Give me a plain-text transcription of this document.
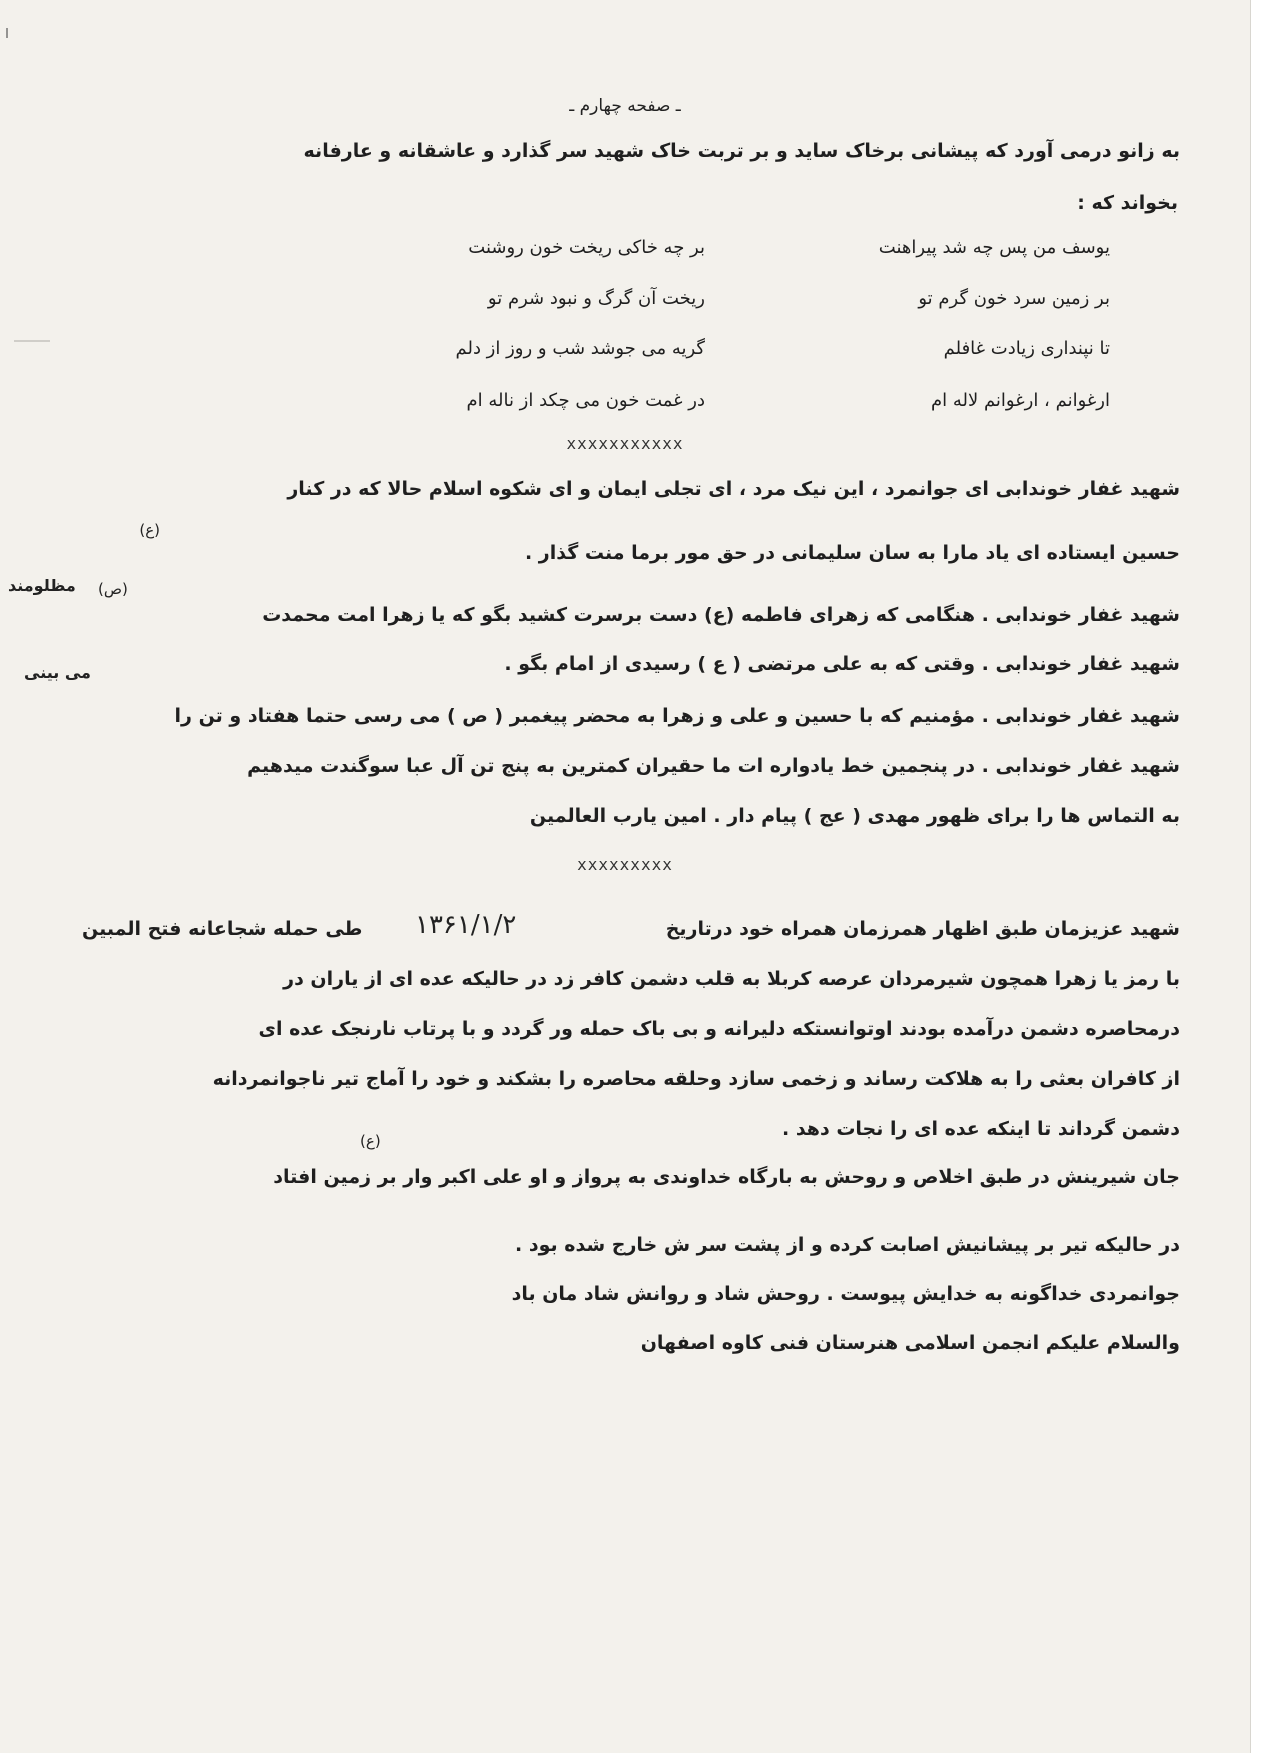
ـ صفحه چهارم ـ
به زانو درمی آورد که پیشانی برخاک ساید و بر تربت خاک شهید سر گذارد و عاشقانه و عارفانه
بخواند که :
یوسف من پس چه شد پیراهنت
بر چه خاکی ریخت خون روشنت
بر زمین سرد خون گرم تو
ریخت آن گرگ و نبود شرم تو
تا نپنداری زیادت غافلم
گریه می جوشد شب و روز از دلم
ارغوانم ، ارغوانم لاله ام
در غمت خون می چکد از ناله ام
xxxxxxxxxxx
شهید غفار خوندابی ای جوانمرد ، این نیک مرد ، ای تجلی ایمان و ای شکوه اسلام حالا که در کنار
(ع)
حسین ایستاده ای یاد مارا به سان سلیمانی در حق مور برما منت گذار .
(ص)
مظلومند
شهید غفار خوندابی . هنگامی که زهرای فاطمه (ع) دست برسرت کشید بگو که یا زهرا امت محمدت
شهید غفار خوندابی . وقتی که به علی مرتضی ( ع ) رسیدی از امام بگو .
می بینی
شهید غفار خوندابی . مؤمنیم که با حسین و علی و زهرا به محضر پیغمبر ( ص ) می رسی حتما هفتاد و تن را
شهید غفار خوندابی . در پنجمین خط یادواره ات ما حقیران کمترین به پنج تن آل عبا سوگندت میدهیم
به التماس ها را برای ظهور مهدی ( عج ) پیام دار . امین یارب العالمین
xxxxxxxxx
شهید عزیزمان طبق اظهار همرزمان همراه خود درتاریخ
۱۳۶۱/۱/۲
طی حمله شجاعانه فتح المبین
با رمز یا زهرا همچون شیرمردان عرصه کربلا به قلب دشمن کافر زد در حالیکه عده ای از یاران در
درمحاصره دشمن درآمده بودند اوتوانستکه دلیرانه و بی باک حمله ور گردد و با پرتاب نارنجک عده ای
از کافران بعثی را به هلاکت رساند و زخمی سازد وحلقه محاصره را بشکند و خود را آماج تیر ناجوانمردانه
دشمن گرداند تا اینکه عده ای را نجات دهد .
(ع)
جان شیرینش در طبق اخلاص و روحش به بارگاه خداوندی به پرواز و او علی اکبر وار بر زمین افتاد
در حالیکه تیر بر پیشانیش اصابت کرده و از پشت سر ش خارج شده بود .
جوانمردی خداگونه به خدایش پیوست . روحش شاد و روانش شاد مان باد
والسلام علیکم انجمن اسلامی هنرستان فنی کاوه اصفهان
